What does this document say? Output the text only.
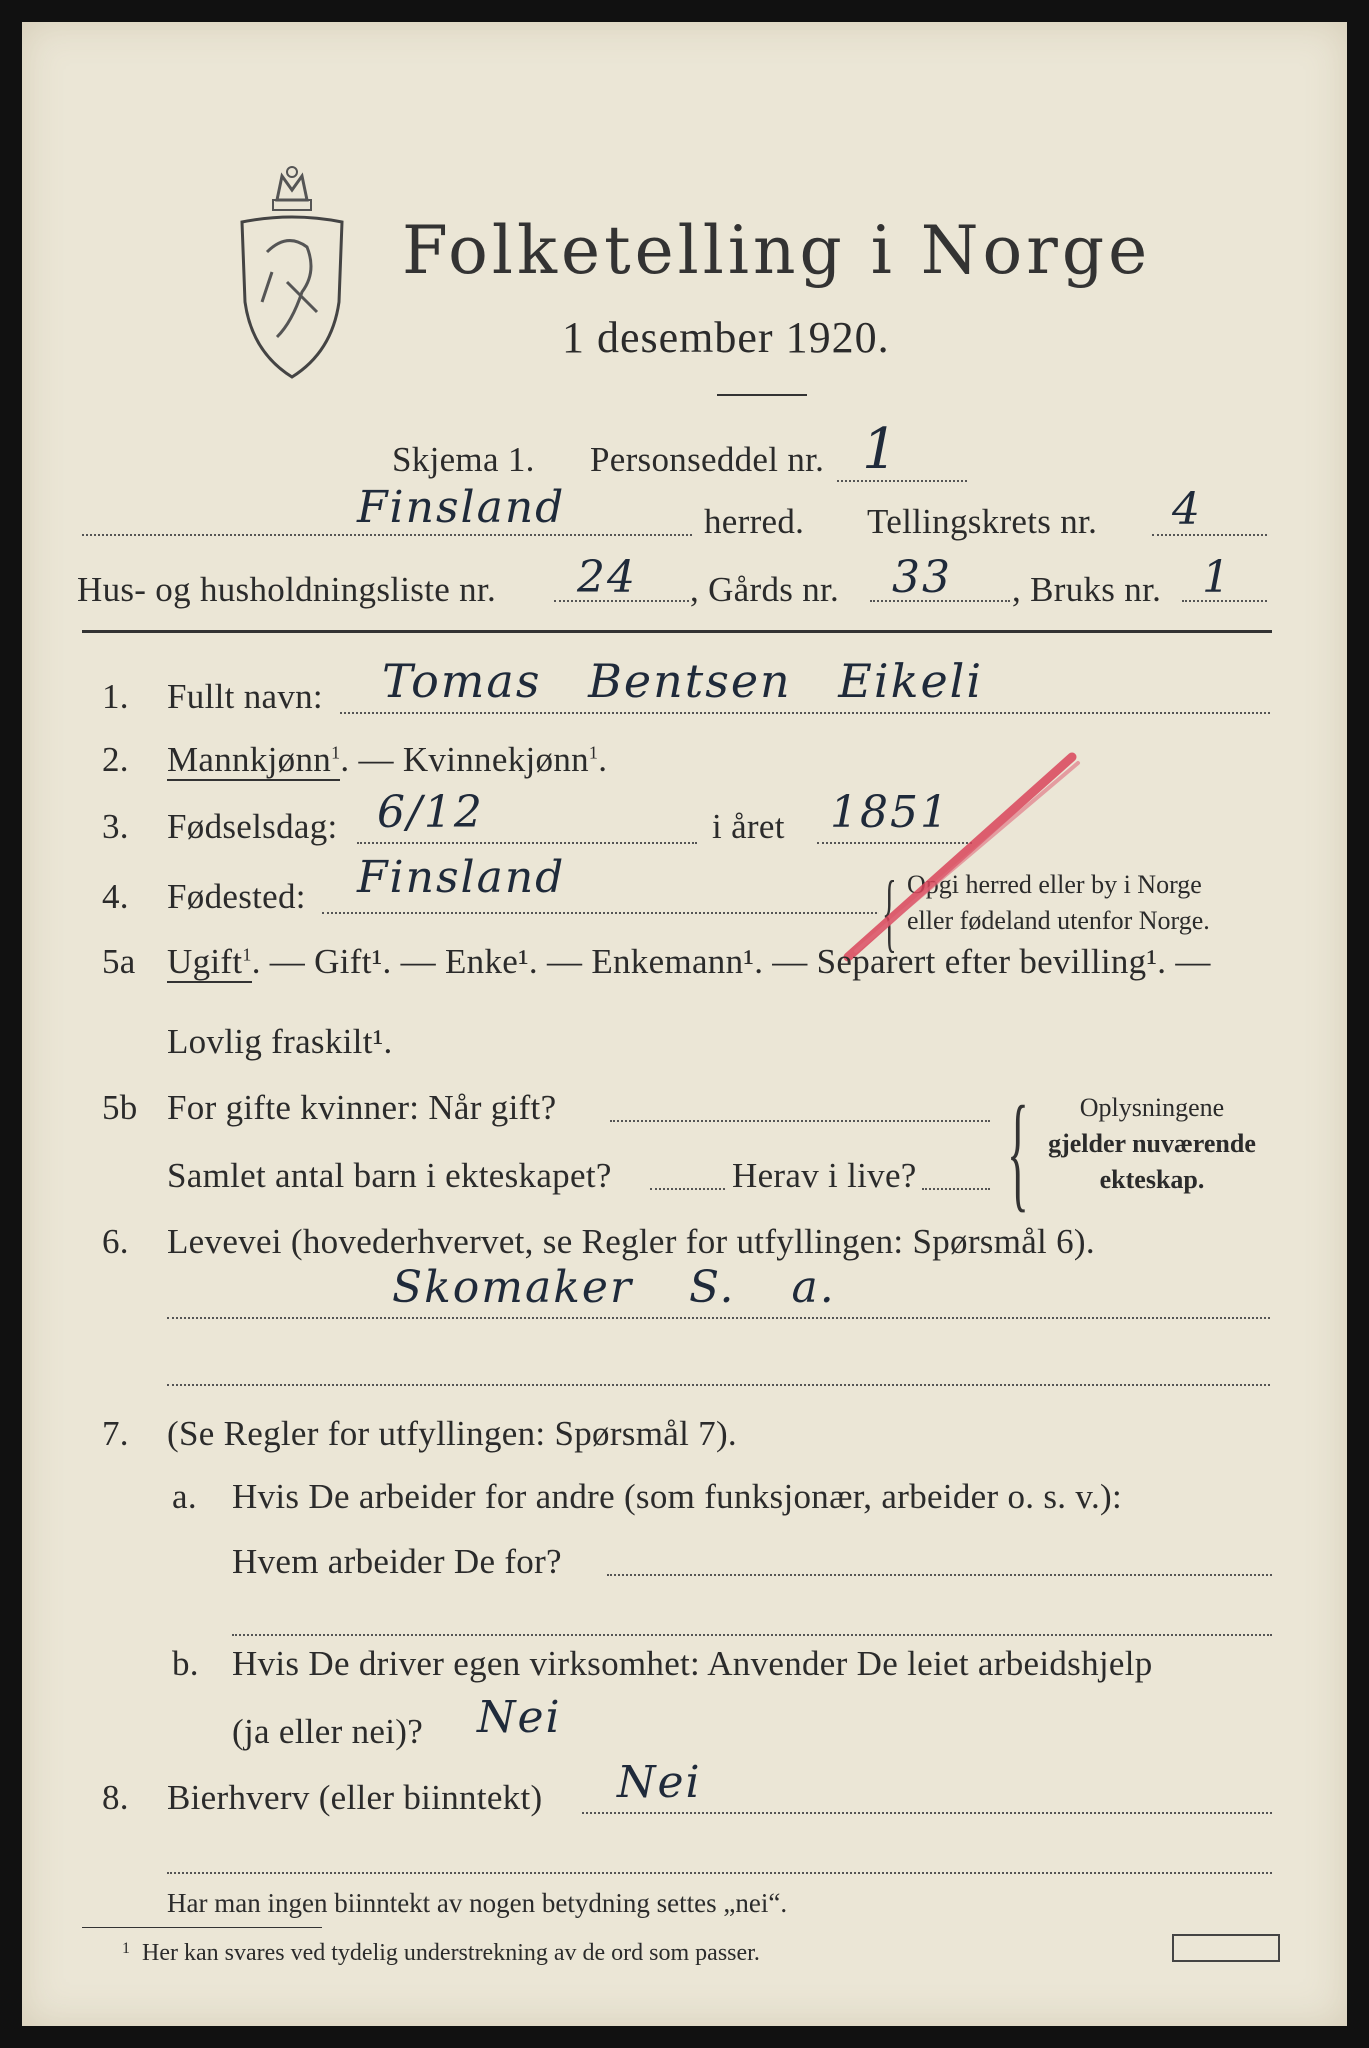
Folketelling i Norge
1 desember 1920.
Skjema 1. Personseddel nr. 1
Finsland	herred. Tellingskrets nr. 4
Hus- og husholdningsliste nr. 24 , Gårds nr. 33 , Bruks nr. 1
1. Fullt navn: Tomas Bentsen Eikeli
2. Mannkjønn$^1$. — Kvinnekjønn$^1$.
3. Fødselsdag: 6/12	i året 1851
4. Fødested: Finsland	{ Opgi herred eller by i Norge
eller fødeland utenfor Norge.
5a Ugift$^1$. — Gift¹. — Enke¹. — Enkemann¹. — Separert efter bevilling¹. —
Lovlig fraskilt¹.
5b For gifte kvinner: Når gift?
Samlet antal barn i ekteskapet?	Herav i live? {	Oplysningene
gjelder nuværende
ekteskap.
6. Levevei (hovederhvervet, se Regler for utfyllingen: Spørsmål 6).
Skomaker S. a.
7. (Se Regler for utfyllingen: Spørsmål 7).
a. Hvis De arbeider for andre (som funksjonær, arbeider o. s. v.):
Hvem arbeider De for?
b. Hvis De driver egen virksomhet: Anvender De leiet arbeidshjelp
(ja eller nei)? Nei
8. Bierhverv (eller biinntekt) Nei
Har man ingen biinntekt av nogen betydning settes „nei“.
$^1$ Her kan svares ved tydelig understrekning av de ord som passer.
